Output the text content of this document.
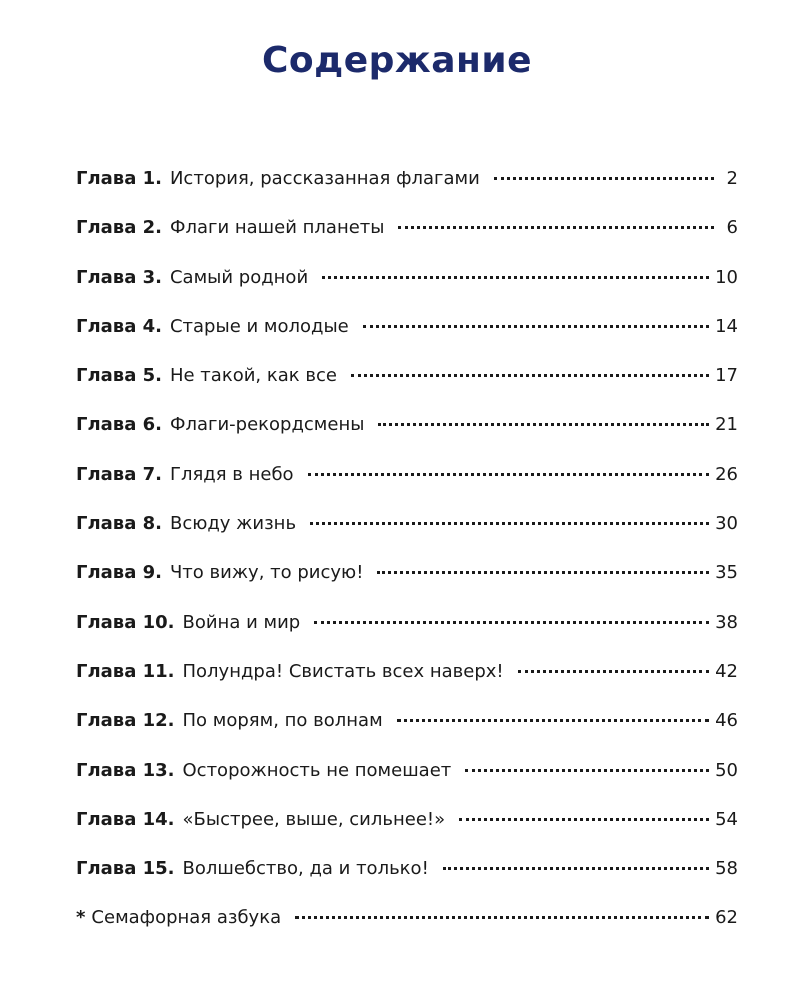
Содержание
Глава 1. История, рассказанная флагами	2
Глава 2. Флаги нашей планеты	6
Глава 3. Самый родной	10
Глава 4. Старые и молодые	14
Глава 5. Не такой, как все	17
Глава 6. Флаги-рекордсмены	21
Глава 7. Глядя в небо	26
Глава 8. Всюду жизнь	30
Глава 9. Что вижу, то рисую!	35
Глава 10. Война и мир	38
Глава 11. Полундра! Свистать всех наверх!	42
Глава 12. По морям, по волнам	46
Глава 13. Осторожность не помешает	50
Глава 14. «Быстрее, выше, сильнее!»	54
Глава 15. Волшебство, да и только!	58
* Семафорная азбука	62
